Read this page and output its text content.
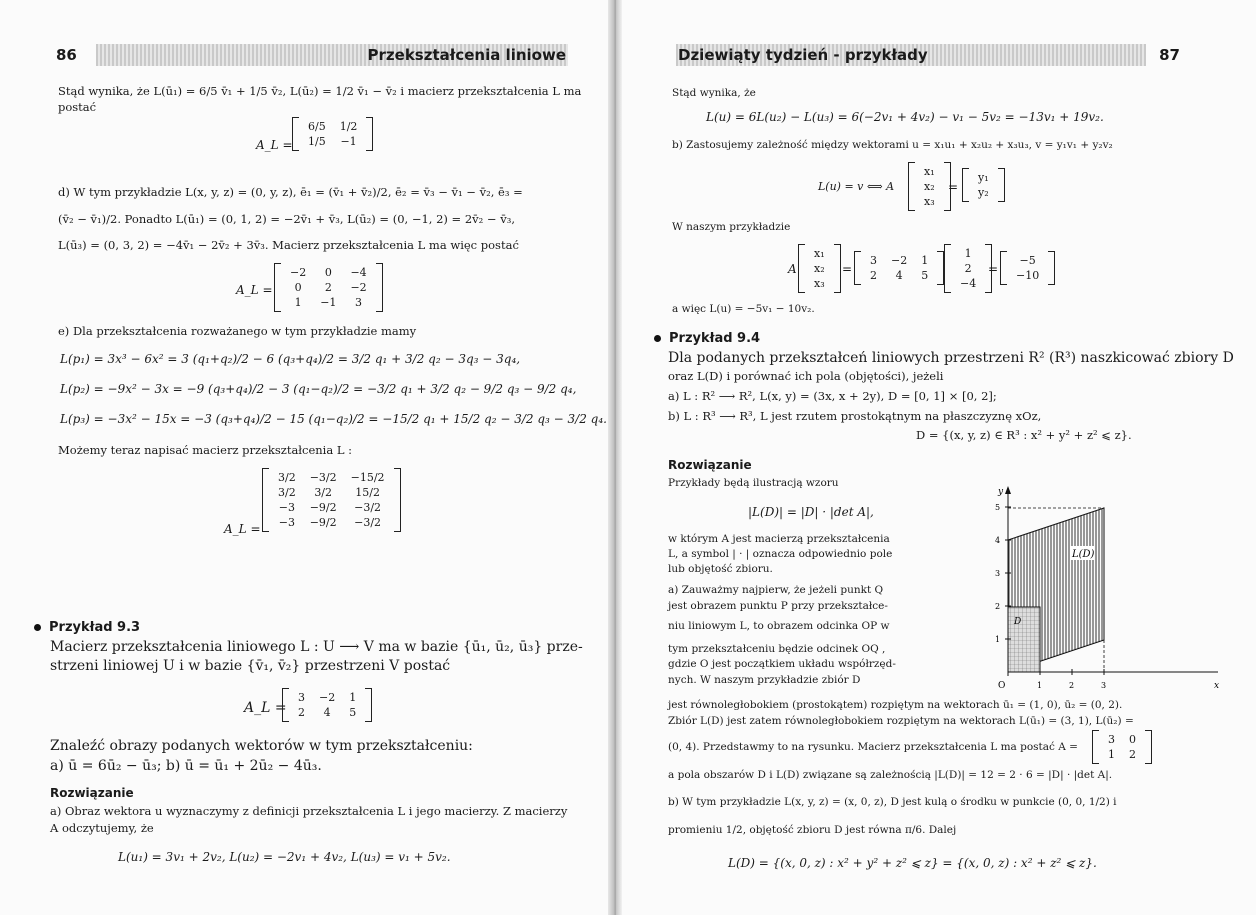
86	Przekształcenia liniowe
Stąd wynika, że L(ū₁) = 6/5 v̄₁ + 1/5 v̄₂, L(ū₂) = 1/2 v̄₁ − v̄₂ i macierz przekształcenia L ma
postać
A_L =
6/5	1/2
1/5	−1
d) W tym przykładzie L(x, y, z) = (0, y, z), ē₁ = (v̄₁ + v̄₂)/2, ē₂ = v̄₃ − v̄₁ − v̄₂, ē₃ =
(v̄₂ − v̄₁)/2. Ponadto L(ū₁) = (0, 1, 2) = −2v̄₁ + v̄₃, L(ū₂) = (0, −1, 2) = 2v̄₂ − v̄₃,
L(ū₃) = (0, 3, 2) = −4v̄₁ − 2v̄₂ + 3v̄₃. Macierz przekształcenia L ma więc postać
A_L =
−2	0	−4
0	2	−2
1	−1	3
e) Dla przekształcenia rozważanego w tym przykładzie mamy
L(p₁) = 3x³ − 6x² = 3 (q₁+q₂)/2 − 6 (q₃+q₄)/2 = 3/2 q₁ + 3/2 q₂ − 3q₃ − 3q₄,
L(p₂) = −9x² − 3x = −9 (q₃+q₄)/2 − 3 (q₁−q₂)/2 = −3/2 q₁ + 3/2 q₂ − 9/2 q₃ − 9/2 q₄,
L(p₃) = −3x² − 15x = −3 (q₃+q₄)/2 − 15 (q₁−q₂)/2 = −15/2 q₁ + 15/2 q₂ − 3/2 q₃ − 3/2 q₄.
Możemy teraz napisać macierz przekształcenia L :
A_L =
3/2	−3/2	−15/2
3/2	3/2	15/2
−3	−9/2	−3/2
−3	−9/2	−3/2
Przykład 9.3
Macierz przekształcenia liniowego L : U ⟶ V ma w bazie {ū₁, ū₂, ū₃} prze-
strzeni liniowej U i w bazie {v̄₁, v̄₂} przestrzeni V postać
A_L =
3	−2	1
2	4	5
Znaleźć obrazy podanych wektorów w tym przekształceniu:
a) ū = 6ū₂ − ū₃; b) ū = ū₁ + 2ū₂ − 4ū₃.
Rozwiązanie
a) Obraz wektora u wyznaczymy z definicji przekształcenia L i jego macierzy. Z macierzy
A odczytujemy, że
L(u₁) = 3v₁ + 2v₂, L(u₂) = −2v₁ + 4v₂, L(u₃) = v₁ + 5v₂.
Dziewiąty tydzień - przykłady	87
Stąd wynika, że
L(u) = 6L(u₂) − L(u₃) = 6(−2v₁ + 4v₂) − v₁ − 5v₂ = −13v₁ + 19v₂.
b) Zastosujemy zależność między wektorami u = x₁u₁ + x₂u₂ + x₃u₃, v = y₁v₁ + y₂v₂
L(u) = v ⟺ A
x₁
x₂
x₃
=
y₁
y₂
W naszym przykładzie
A
x₁
x₂
x₃
=
3	−2	1
2	4	5
1
2
−4
=
−5
−10
a więc L(u) = −5v₁ − 10v₂.
Przykład 9.4
Dla podanych przekształceń liniowych przestrzeni R² (R³) naszkicować zbiory D
oraz L(D) i porównać ich pola (objętości), jeżeli
a) L : R² ⟶ R², L(x, y) = (3x, x + 2y), D = [0, 1] × [0, 2];
b) L : R³ ⟶ R³, L jest rzutem prostokątnym na płaszczyznę xOz,
D = {(x, y, z) ∈ R³ : x² + y² + z² ⩽ z}.
Rozwiązanie
Przykłady będą ilustracją wzoru
|L(D)| = |D| · |det A|,
w którym A jest macierzą przekształcenia
L, a symbol | · | oznacza odpowiednio pole
lub objętość zbioru.
a) Zauważmy najpierw, że jeżeli punkt Q
jest obrazem punktu P przy przekształce-
niu liniowym L, to obrazem odcinka OP w
tym przekształceniu będzie odcinek OQ ,
gdzie O jest początkiem układu współrzęd-
nych. W naszym przykładzie zbiór D
1
2
3
4
5
1	2	3
L(D)
D
O	x
y
jest równoległobokiem (prostokątem) rozpiętym na wektorach ū₁ = (1, 0), ū₂ = (0, 2).
Zbiór L(D) jest zatem równoległobokiem rozpiętym na wektorach L(ū₁) = (3, 1), L(ū₂) =
(0, 4). Przedstawmy to na rysunku. Macierz przekształcenia L ma postać A =
3	0
1	2
a pola obszarów D i L(D) związane są zależnością |L(D)| = 12 = 2 · 6 = |D| · |det A|.
b) W tym przykładzie L(x, y, z) = (x, 0, z), D jest kulą o środku w punkcie (0, 0, 1/2) i
promieniu 1/2, objętość zbioru D jest równa π/6. Dalej
L(D) = {(x, 0, z) : x² + y² + z² ⩽ z} = {(x, 0, z) : x² + z² ⩽ z}.
